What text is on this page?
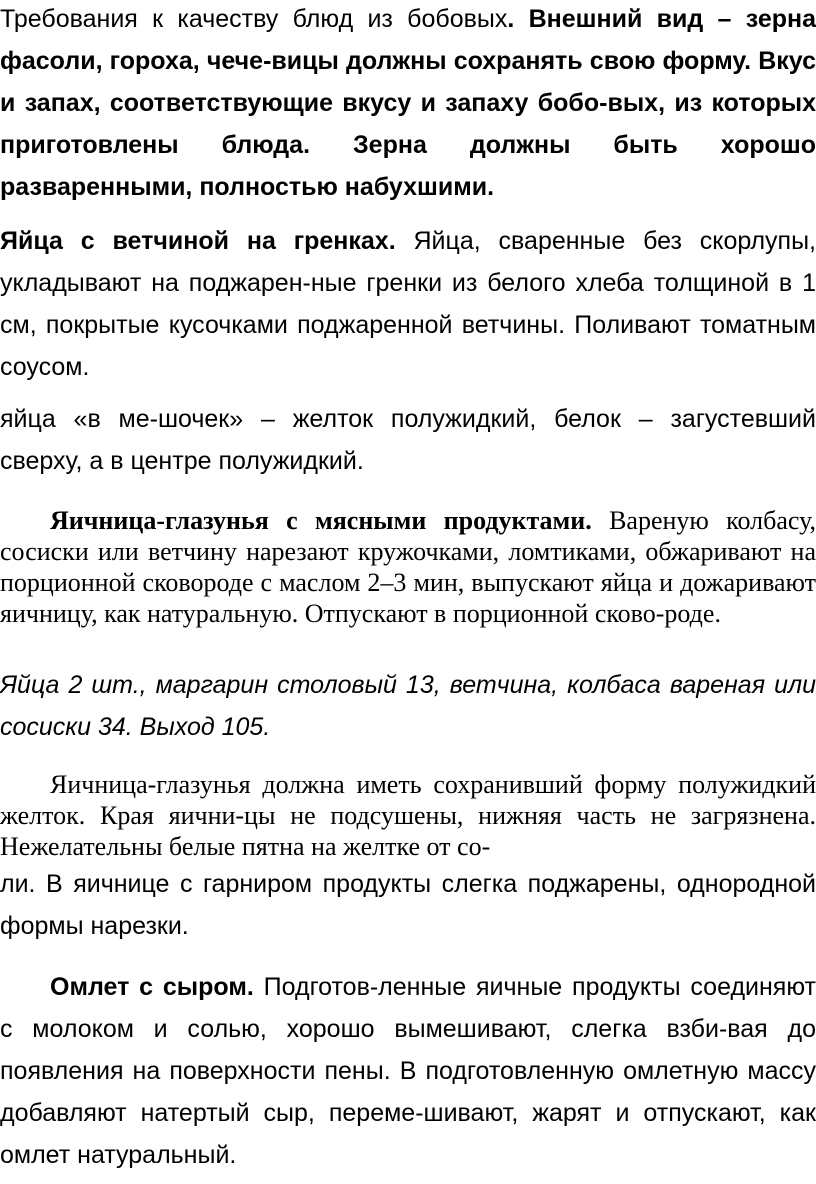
Требования к качеству блюд из бобовых. Внешний вид – зерна фасоли, гороха, чече-вицы должны сохранять свою форму. Вкус и запах, соответствующие вкусу и запаху бобо-вых, из которых приготовлены блюда. Зерна должны быть хорошо разваренными, полностью набухшими.

Яйца с ветчиной на гренках. Яйца, сваренные без скорлупы, укладывают на поджарен-ные гренки из белого хлеба толщиной в 1 см, покрытые кусочками поджаренной ветчины. Поливают томатным соусом.

яйца «в ме-шочек» – желток полужидкий, белок – загустевший сверху, а в центре полужидкий.

Яичница-глазунья с мясными продуктами. Вареную колбасу, сосиски или ветчину нарезают кружочками, ломтиками, обжаривают на порционной сковороде с маслом 2–3 мин, выпускают яйца и дожаривают яичницу, как натуральную. Отпускают в порционной сково-роде.

Яйца 2 шт., маргарин столовый 13, ветчина, колбаса вареная или сосиски 34. Выход 105.

Яичница-глазунья должна иметь сохранивший форму полужидкий желток. Края яични-цы не подсушены, нижняя часть не загрязнена. Нежелательны белые пятна на желтке от со-

ли. В яичнице с гарниром продукты слегка поджарены, однородной формы нарезки.

Омлет с сыром. Подготов-ленные яичные продукты соединяют с молоком и солью, хорошо вымешивают, слегка взби-вая до появления на поверхности пены. В подготовленную омлетную массу добавляют натертый сыр, переме-шивают, жарят и отпускают, как омлет натуральный.
